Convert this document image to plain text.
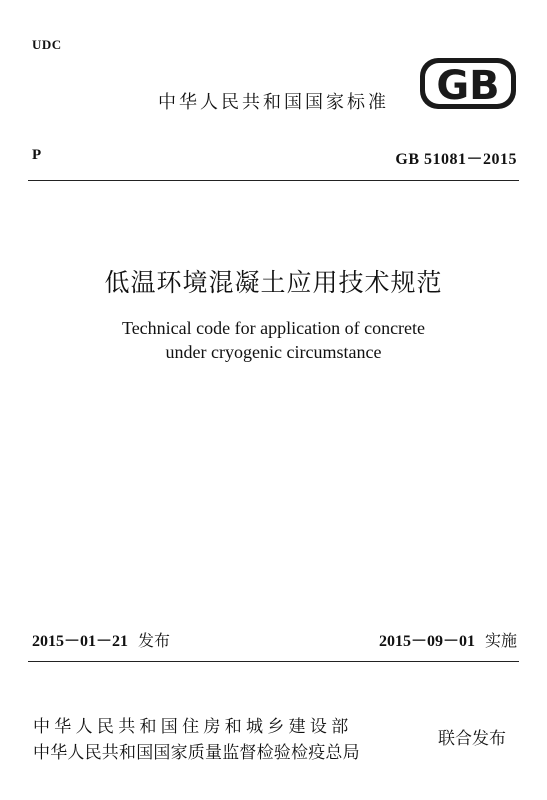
UDC
中华人民共和国国家标准	GB
P	GB 51081－2015
低温环境混凝土应用技术规范
Technical code for application of concrete
under cryogenic circumstance
2015－01－21 发布	2015－09－01 实施
中华人民共和国住房和城乡建设部
中华人民共和国国家质量监督检验检疫总局
联合发布
